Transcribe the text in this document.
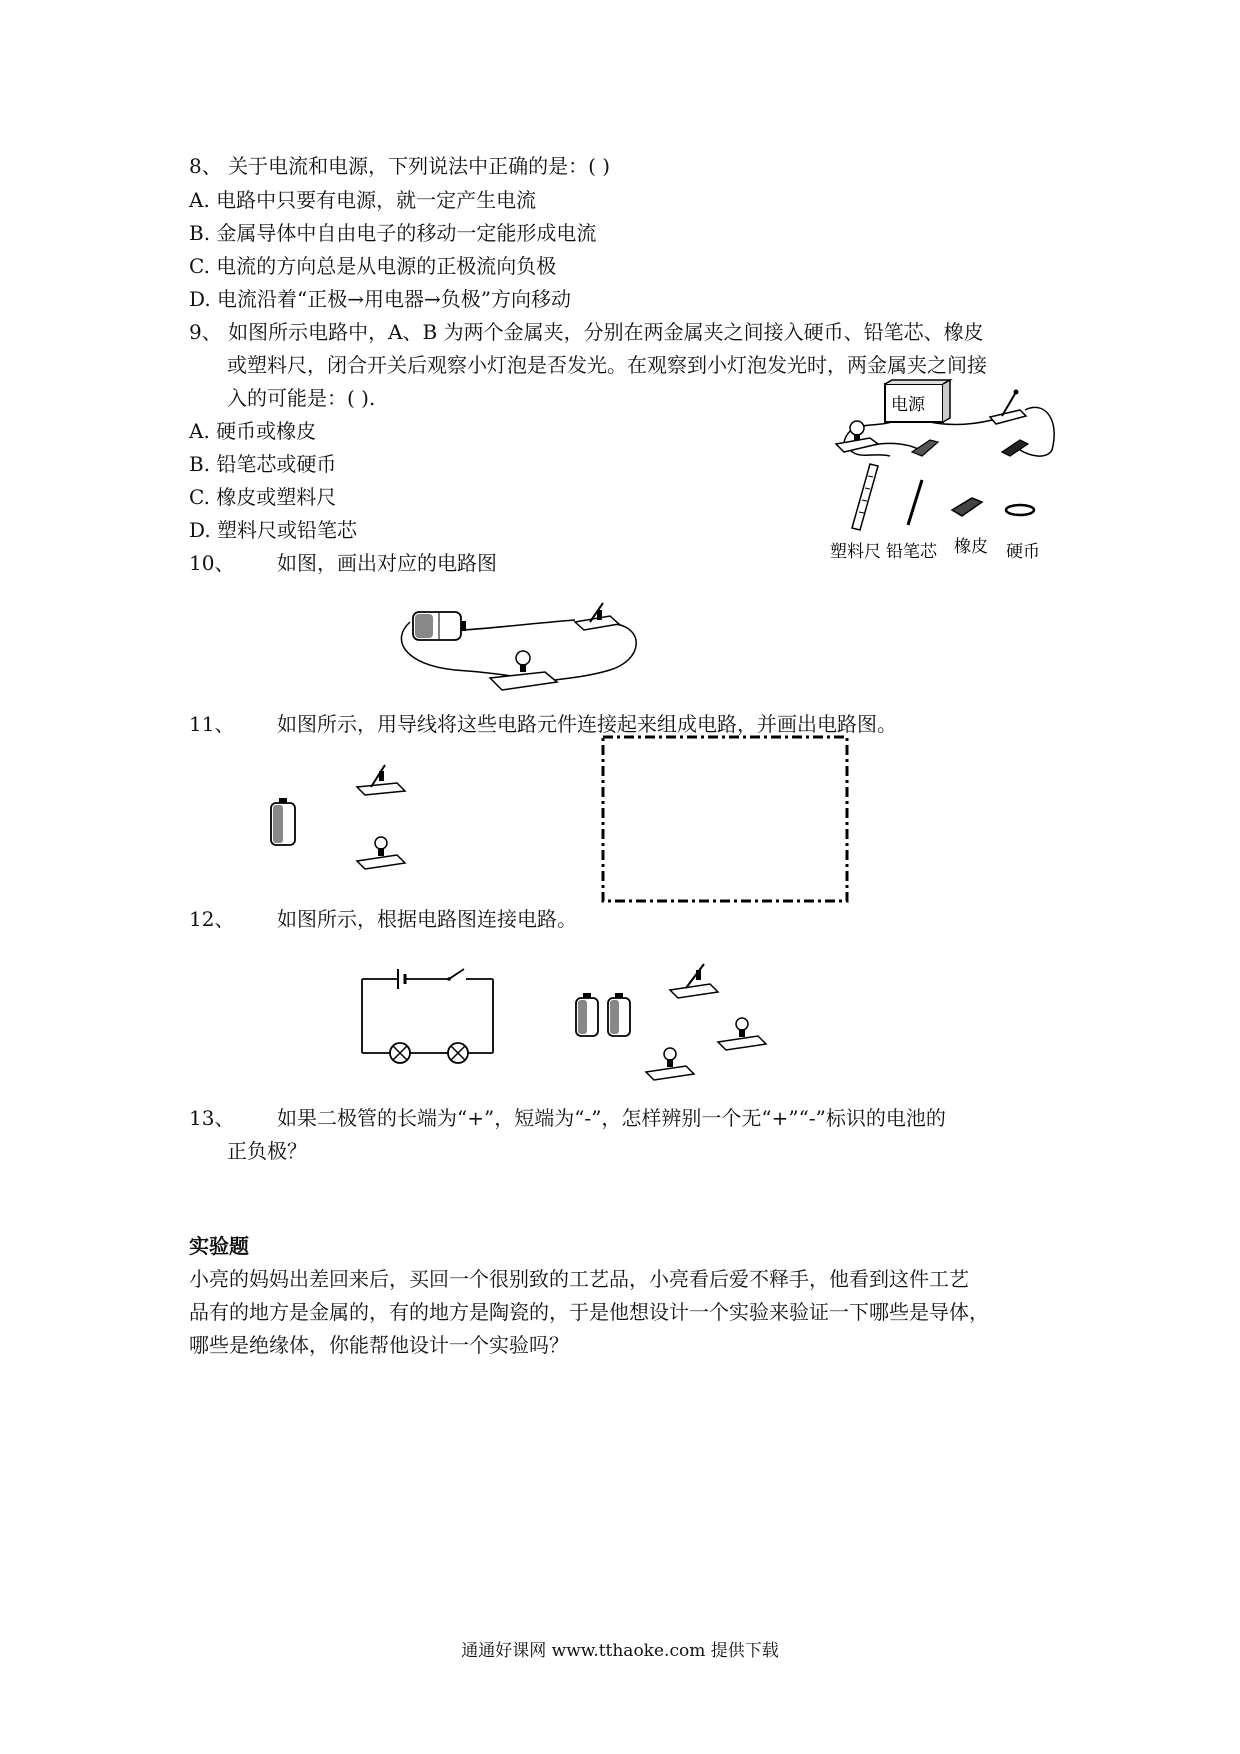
8、 关于电流和电源，下列说法中正确的是：( )
A. 电路中只要有电源，就一定产生电流
B. 金属导体中自由电子的移动一定能形成电流
C. 电流的方向总是从电源的正极流向负极
D. 电流沿着“正极→用电器→负极”方向移动
9、 如图所示电路中，A、B 为两个金属夹，分别在两金属夹之间接入硬币、铅笔芯、橡皮
或塑料尺，闭合开关后观察小灯泡是否发光。在观察到小灯泡发光时，两金属夹之间接
入的可能是：( ).
A. 硬币或橡皮
B. 铅笔芯或硬币
C. 橡皮或塑料尺
D. 塑料尺或铅笔芯
电源
塑料尺 铅笔芯 橡皮 硬币
10、 如图，画出对应的电路图
11、 如图所示，用导线将这些电路元件连接起来组成电路，并画出电路图。
12、 如图所示，根据电路图连接电路。
13、 如果二极管的长端为“+”，短端为“-”，怎样辨别一个无“+”“-”标识的电池的
正负极？
实验题
小亮的妈妈出差回来后，买回一个很别致的工艺品，小亮看后爱不释手，他看到这件工艺
品有的地方是金属的，有的地方是陶瓷的，于是他想设计一个实验来验证一下哪些是导体，
哪些是绝缘体，你能帮他设计一个实验吗？
通通好课网 www.tthaoke.com 提供下载
